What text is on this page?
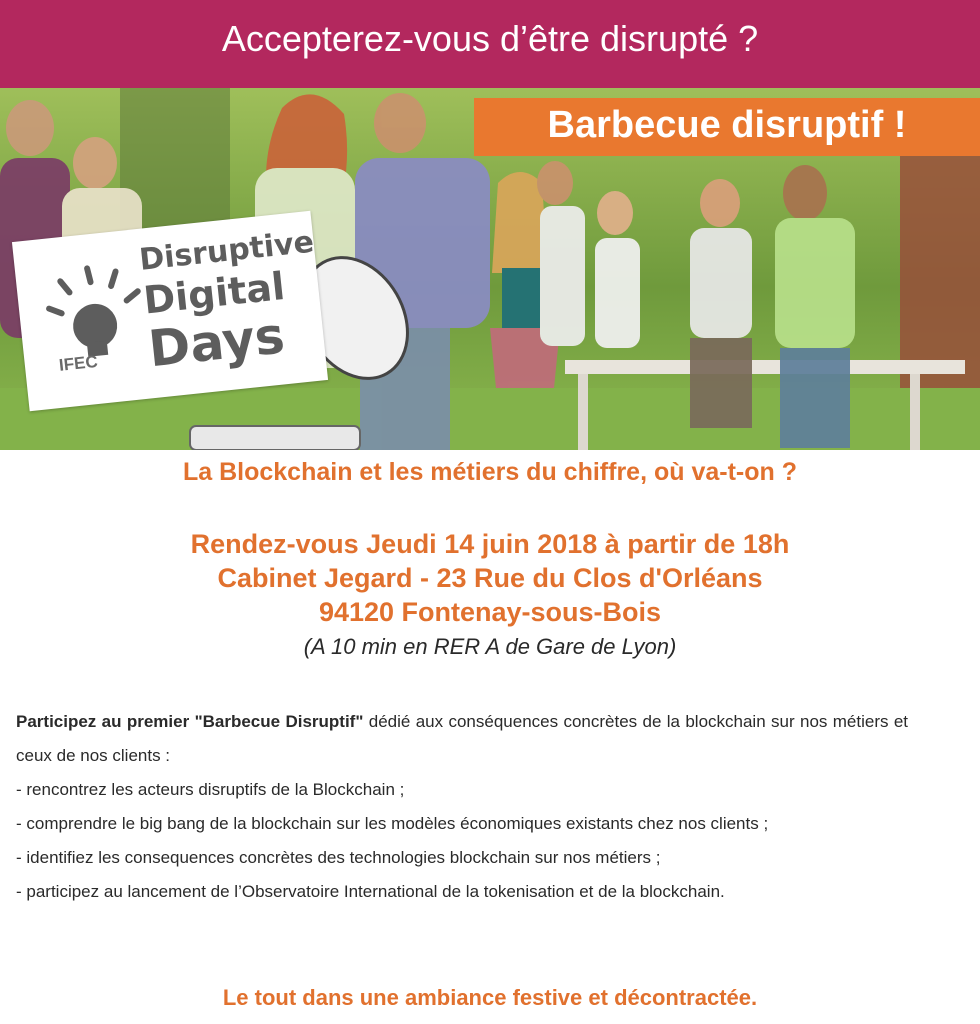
Accepterez-vous d’être disrupté ?
Barbecue disruptif !
Disruptive
Digital
Days
IFEC
La Blockchain et les métiers du chiffre, où va-t-on ?
Rendez-vous Jeudi 14 juin 2018 à partir de 18h
Cabinet Jegard - 23 Rue du Clos d'Orléans
94120 Fontenay-sous-Bois
(A 10 min en RER A de Gare de Lyon)

Participez au premier "Barbecue Disruptif" dédié aux conséquences concrètes de la blockchain sur nos métiers et ceux de nos clients :

- rencontrez les acteurs disruptifs de la Blockchain ;

- comprendre le big bang de la blockchain sur les modèles économiques existants chez nos clients ;

- identifiez les consequences concrètes des technologies blockchain sur nos métiers ;

- participez au lancement de l’Observatoire International de la tokenisation et de la blockchain.

Le tout dans une ambiance festive et décontractée.
